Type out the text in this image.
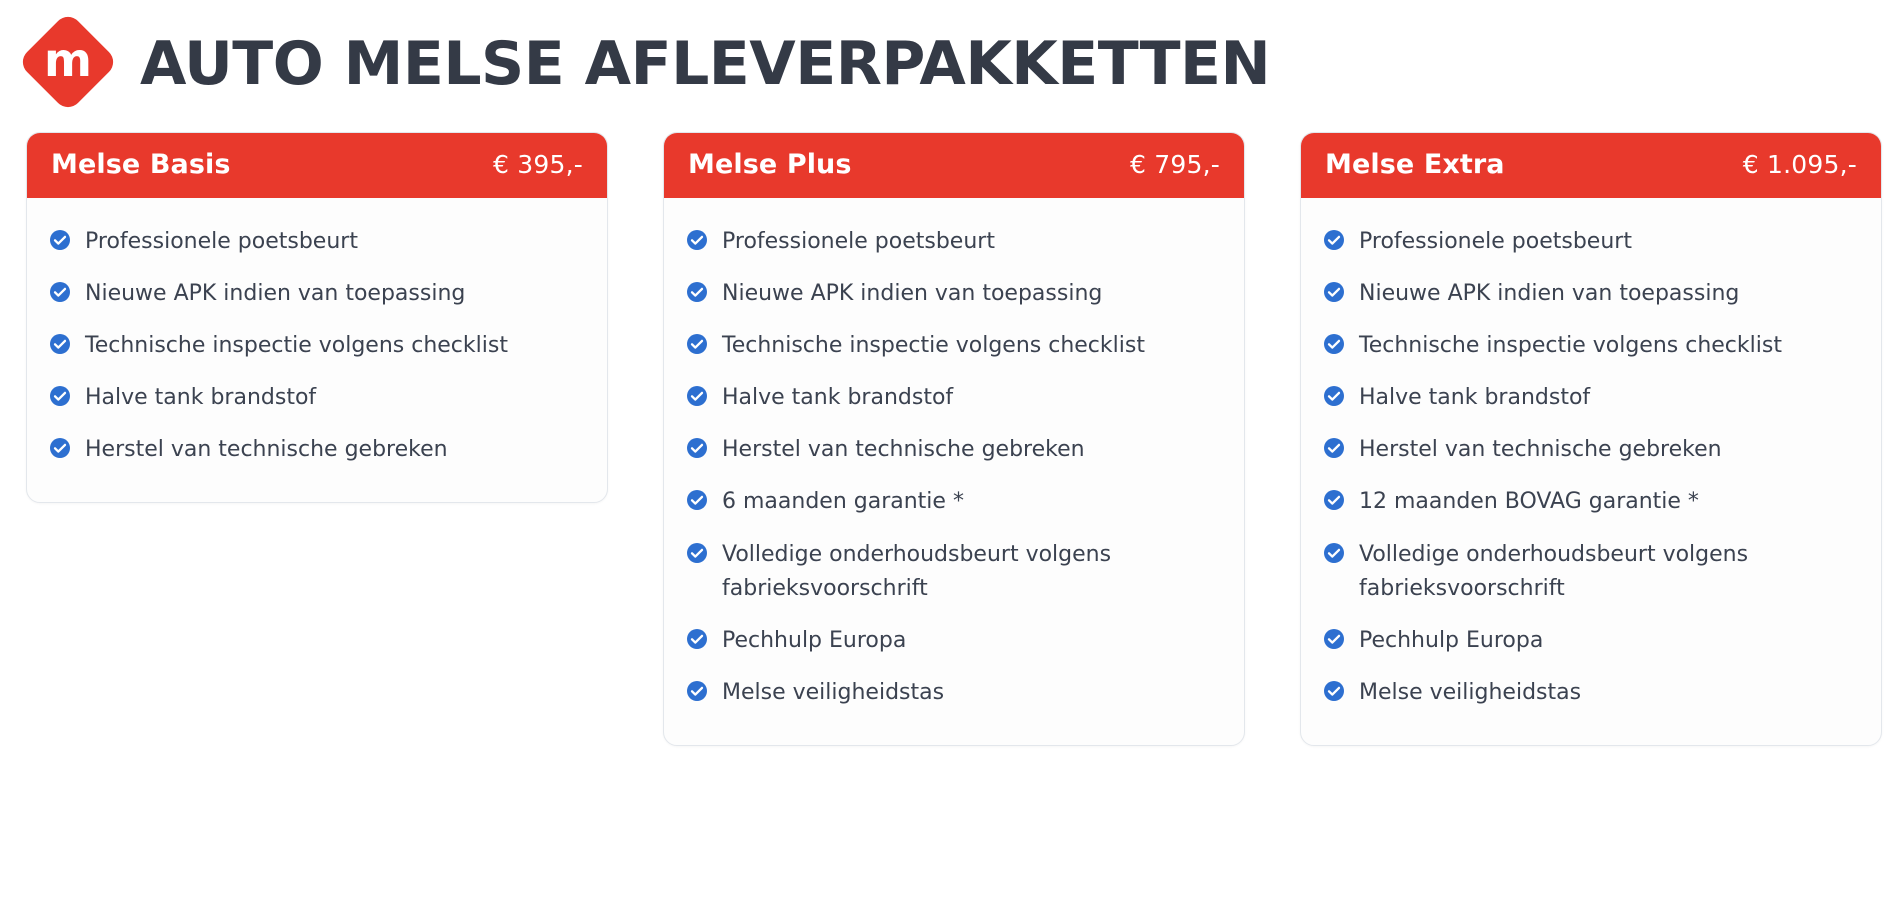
m AUTO MELSE AFLEVERPAKKETTEN
Melse Basis	€ 395,-
Professionele poetsbeurt
Nieuwe APK indien van toepassing
Technische inspectie volgens checklist
Halve tank brandstof
Herstel van technische gebreken
Melse Plus	€ 795,-
Professionele poetsbeurt
Nieuwe APK indien van toepassing
Technische inspectie volgens checklist
Halve tank brandstof
Herstel van technische gebreken
6 maanden garantie *
Volledige onderhoudsbeurt volgens fabrieksvoorschrift
Pechhulp Europa
Melse veiligheidstas
Melse Extra	€ 1.095,-
Professionele poetsbeurt
Nieuwe APK indien van toepassing
Technische inspectie volgens checklist
Halve tank brandstof
Herstel van technische gebreken
12 maanden BOVAG garantie *
Volledige onderhoudsbeurt volgens fabrieksvoorschrift
Pechhulp Europa
Melse veiligheidstas
